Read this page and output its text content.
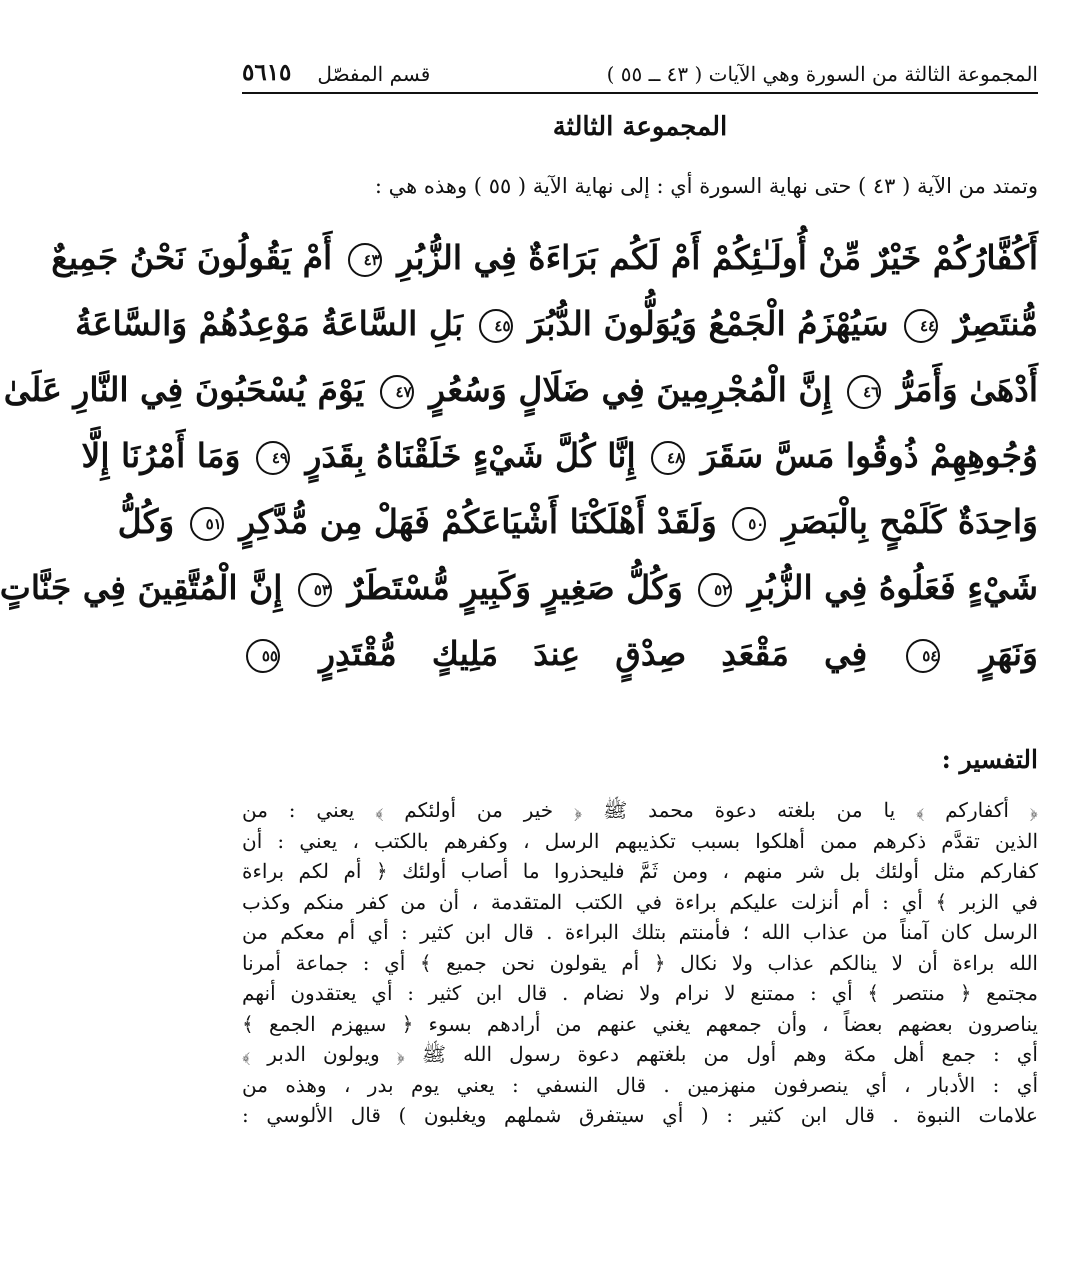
المجموعة الثالثة من السورة وهي الآيات ( ٤٣ ــ ٥٥ )
قسم المفصّل
٥٦١٥
المجموعة الثالثة
وتمتد من الآية ( ٤٣ ) حتى نهاية السورة أي : إلى نهاية الآية ( ٥٥ ) وهذه هي :
أَكُفَّارُكُمْ خَيْرٌ مِّنْ أُولَـٰئِكُمْ أَمْ لَكُم بَرَاءَةٌ فِي الزُّبُرِ ٤٣ أَمْ يَقُولُونَ نَحْنُ جَمِيعٌ
مُّنتَصِرٌ ٤٤ سَيُهْزَمُ الْجَمْعُ وَيُوَلُّونَ الدُّبُرَ ٤٥ بَلِ السَّاعَةُ مَوْعِدُهُمْ وَالسَّاعَةُ
أَدْهَىٰ وَأَمَرُّ ٤٦ إِنَّ الْمُجْرِمِينَ فِي ضَلَالٍ وَسُعُرٍ ٤٧ يَوْمَ يُسْحَبُونَ فِي النَّارِ عَلَىٰ
وُجُوهِهِمْ ذُوقُوا مَسَّ سَقَرَ ٤٨ إِنَّا كُلَّ شَيْءٍ خَلَقْنَاهُ بِقَدَرٍ ٤٩ وَمَا أَمْرُنَا إِلَّا
وَاحِدَةٌ كَلَمْحٍ بِالْبَصَرِ ٥٠ وَلَقَدْ أَهْلَكْنَا أَشْيَاعَكُمْ فَهَلْ مِن مُّدَّكِرٍ ٥١ وَكُلُّ
شَيْءٍ فَعَلُوهُ فِي الزُّبُرِ ٥٢ وَكُلُّ صَغِيرٍ وَكَبِيرٍ مُّسْتَطَرٌ ٥٣ إِنَّ الْمُتَّقِينَ فِي جَنَّاتٍ
وَنَهَرٍ ٥٤ فِي مَقْعَدِ صِدْقٍ عِندَ مَلِيكٍ مُّقْتَدِرٍ ٥٥
التفسير :
﴿ أكفاركم ﴾ يا من بلغته دعوة محمد ﷺ ﴿ خير من أولئكم ﴾ يعني : من
الذين تقدَّم ذكرهم ممن أهلكوا بسبب تكذيبهم الرسل ، وكفرهم بالكتب ، يعني : أن
كفاركم مثل أولئك بل شر منهم ، ومن ثَمَّ فليحذروا ما أصاب أولئك ﴿ أم لكم براءة
في الزبر ﴾ أي : أم أنزلت عليكم براءة في الكتب المتقدمة ، أن من كفر منكم وكذب
الرسل كان آمناً من عذاب الله ؛ فأمنتم بتلك البراءة . قال ابن كثير : أي أم معكم من
الله براءة أن لا ينالكم عذاب ولا نكال ﴿ أم يقولون نحن جميع ﴾ أي : جماعة أمرنا
مجتمع ﴿ منتصر ﴾ أي : ممتنع لا نرام ولا نضام . قال ابن كثير : أي يعتقدون أنهم
يناصرون بعضهم بعضاً ، وأن جمعهم يغني عنهم من أرادهم بسوء ﴿ سيهزم الجمع ﴾
أي : جمع أهل مكة وهم أول من بلغتهم دعوة رسول الله ﷺ ﴿ ويولون الدبر ﴾
أي : الأدبار ، أي ينصرفون منهزمين . قال النسفي : يعني يوم بدر ، وهذه من
علامات النبوة . قال ابن كثير : ( أي سيتفرق شملهم ويغلبون ) قال الألوسي :
